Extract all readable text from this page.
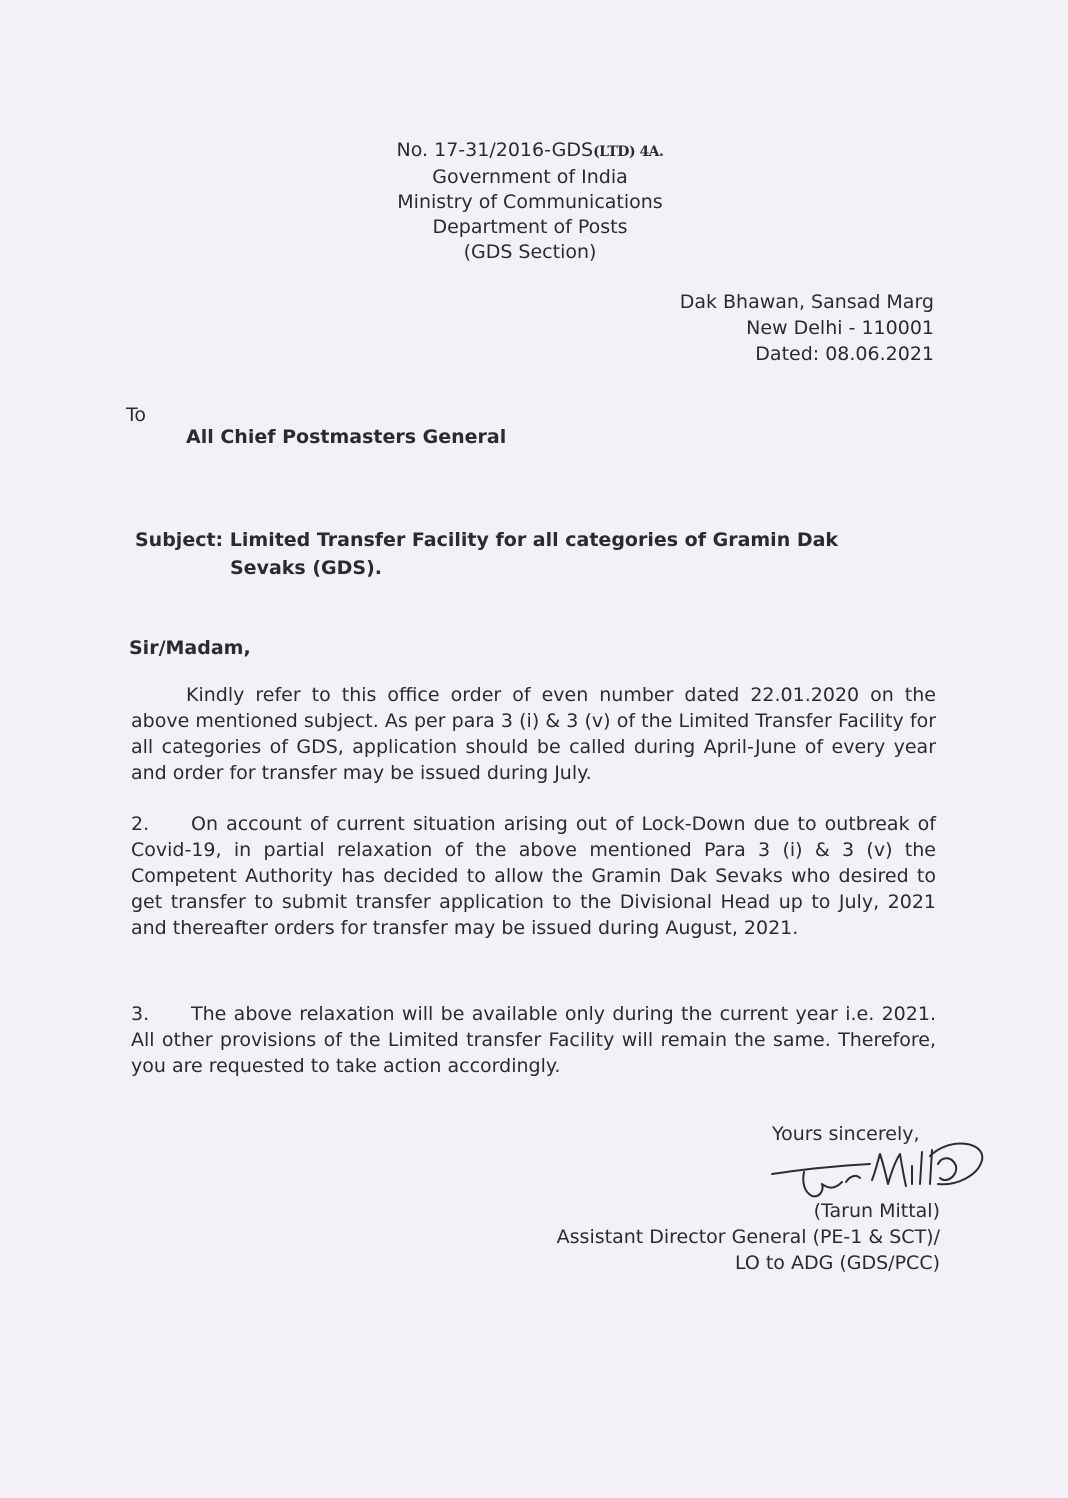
No. 17-31/2016-GDS(LTD) 4A.
Government of India
Ministry of Communications
Department of Posts
(GDS Section)
Dak Bhawan, Sansad Marg
New Delhi - 110001
Dated: 08.06.2021
To
All Chief Postmasters General
Subject: Limited Transfer Facility for all categories of Gramin Dak
Sevaks (GDS).
Sir/Madam,

Kindly refer to this office order of even number dated 22.01.2020 on the above mentioned subject. As per para 3 (i) & 3 (v) of the Limited Transfer Facility for all categories of GDS, application should be called during April-June of every year and order for transfer may be issued during July.

2. On account of current situation arising out of Lock-Down due to outbreak of Covid-19, in partial relaxation of the above mentioned Para 3 (i) & 3 (v) the Competent Authority has decided to allow the Gramin Dak Sevaks who desired to get transfer to submit transfer application to the Divisional Head up to July, 2021 and thereafter orders for transfer may be issued during August, 2021.

3. The above relaxation will be available only during the current year i.e. 2021. All other provisions of the Limited transfer Facility will remain the same. Therefore, you are requested to take action accordingly.

Yours sincerely,
(Tarun Mittal)
Assistant Director General (PE-1 & SCT)/
LO to ADG (GDS/PCC)
